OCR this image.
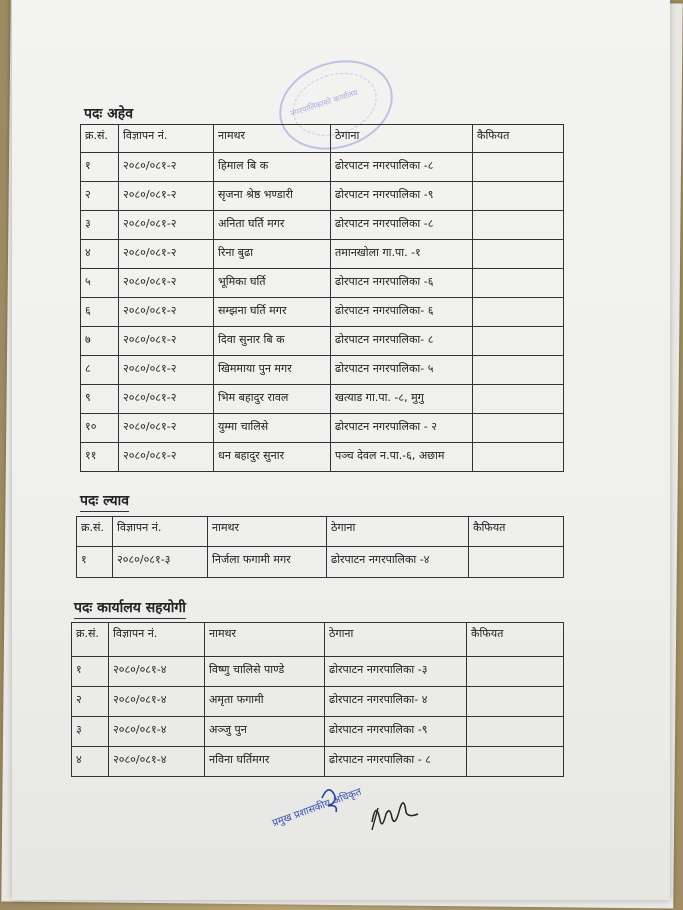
नगरपालिकाको कार्यालय
पदः अहेव
क्र.सं.	विज्ञापन नं.	नामथर	ठेगाना	कैफियत
१	२०८०/०८१-२	हिमाल बि क	ढोरपाटन नगरपालिका -८	
२	२०८०/०८१-२	सृजना श्रेष्ठ भण्डारी	ढोरपाटन नगरपालिका -९	
३	२०८०/०८१-२	अनिता घर्ति मगर	ढोरपाटन नगरपालिका -८	
४	२०८०/०८१-२	रिना बुढा	तमानखोला गा.पा. -१	
५	२०८०/०८१-२	भूमिका घर्ति	ढोरपाटन नगरपालिका -६	
६	२०८०/०८१-२	सम्झना घर्ति मगर	ढोरपाटन नगरपालिका- ६	
७	२०८०/०८१-२	दिवा सुनार बि क	ढोरपाटन नगरपालिका- ८	
८	२०८०/०८१-२	खिममाया पुन मगर	ढोरपाटन नगरपालिका- ५	
९	२०८०/०८१-२	भिम बहादुर रावल	खत्याड गा.पा. -८, मुगु	
१०	२०८०/०८१-२	युम्मा चालिसे	ढोरपाटन नगरपालिका - २	
११	२०८०/०८१-२	धन बहादुर सुनार	पञ्च देवल न.पा.-६, अछाम	
पदः ल्याव
क्र.सं.	विज्ञापन नं.	नामथर	ठेगाना	कैफियत
१	२०८०/०८१-३	निर्जला फगामी मगर	ढोरपाटन नगरपालिका -४	
पदः कार्यालय सहयोगी
क्र.सं.	विज्ञापन नं.	नामथर	ठेगाना	कैफियत
१	२०८०/०८१-४	विष्णु चालिसे पाण्डे	ढोरपाटन नगरपालिका -३	
२	२०८०/०८१-४	अमृता फगामी	ढोरपाटन नगरपालिका- ४	
३	२०८०/०८१-४	अञ्जु पुन	ढोरपाटन नगरपालिका -९	
४	२०८०/०८१-४	नविना घर्तिमगर	ढोरपाटन नगरपालिका - ८	
प्रमुख प्रशासकीय अधिकृत
